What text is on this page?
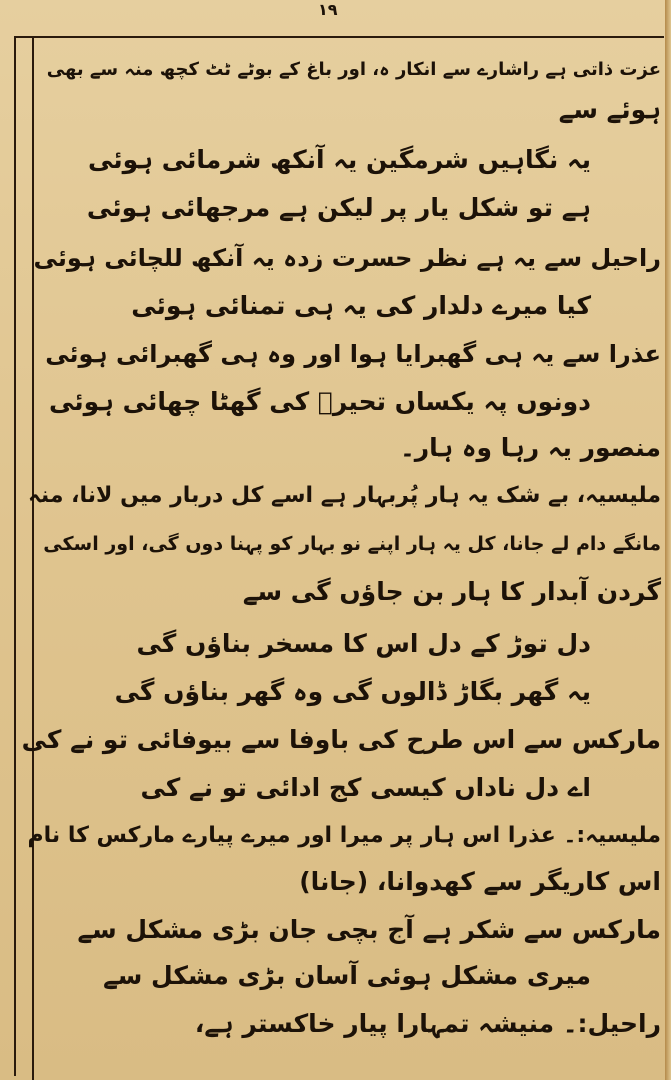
۱۹
عزت ذاتی ہے راشارے سے انکار ہ، اور باغ کے بوٹے ٹٹ کچھ منہ سے بھی
ہوئے سے
یہ نگاہیں شرمگین یہ آنکھ شرمائی ہوئی
ہے تو شکل یار پر لیکن ہے مرجھائی ہوئی
راحیل سے یہ ہے نظر حسرت زدہ یہ آنکھ للچائی ہوئی
کیا میرے دلدار کی یہ ہی تمنائی ہوئی
عذرا سے یہ ہی گھبرایا ہوا اور وہ ہی گھبرائی ہوئی
دونوں پہ یکساں تحیرؔ کی گھٹا چھائی ہوئی
منصور یہ رہا وہ ہار۔
ملیسیہ، بے شک یہ ہار پُربہار ہے اسے کل دربار میں لانا، منہ
مانگے دام لے جانا، کل یہ ہار اپنے نو بہار کو پہنا دوں گی، اور اسکی
گردن آبدار کا ہار بن جاؤں گی سے
دل توڑ کے دل اس کا مسخر بناؤں گی
یہ گھر بگاڑ ڈالوں گی وہ گھر بناؤں گی
مارکس سے اس طرح کی باوفا سے بیوفائی تو نے کی
اے دل ناداں کیسی کج ادائی تو نے کی
ملیسیہ:۔ عذرا اس ہار پر میرا اور میرے پیارے مارکس کا نام
اس کاریگر سے کھدوانا، (جانا)
مارکس سے شکر ہے آج بچی جان بڑی مشکل سے
میری مشکل ہوئی آسان بڑی مشکل سے
راحیل:۔ منیشہ تمہارا پیار خاکستر ہے،
